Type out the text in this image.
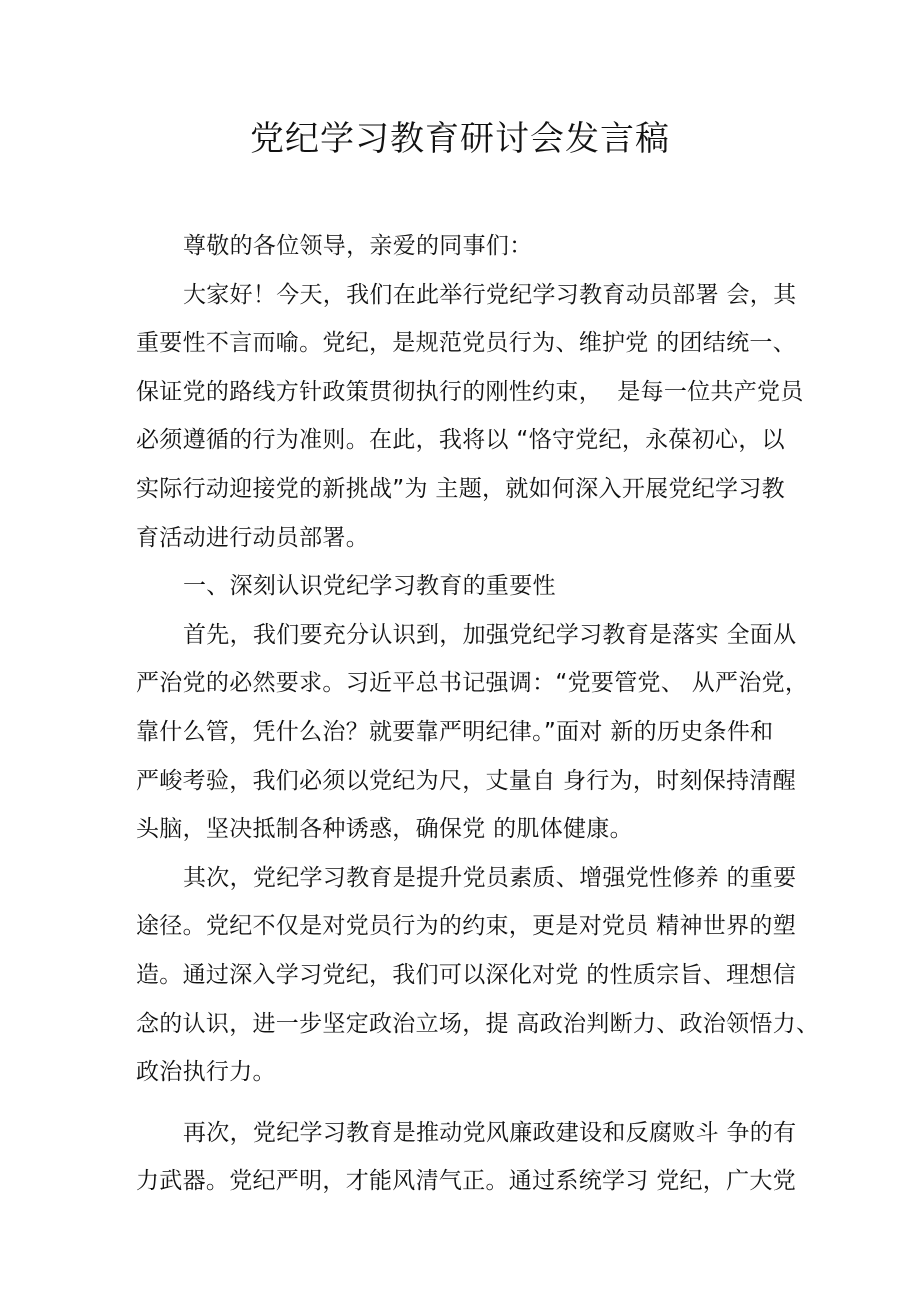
党纪学习教育研讨会发言稿
尊敬的各位领导，亲爱的同事们：
大家好！今天，我们在此举行党纪学习教育动员部署 会，其
重要性不言而喻。党纪，是规范党员行为、维护党 的团结统一、
保证党的路线方针政策贯彻执行的刚性约束，  是每一位共产党员
必须遵循的行为准则。在此，我将以 “恪守党纪，永葆初心，以
实际行动迎接党的新挑战”为 主题，就如何深入开展党纪学习教
育活动进行动员部署。
一、深刻认识党纪学习教育的重要性
首先，我们要充分认识到，加强党纪学习教育是落实 全面从
严治党的必然要求。习近平总书记强调：“党要管党、 从严治党，
靠什么管，凭什么治？就要靠严明纪律。”面对 新的历史条件和
严峻考验，我们必须以党纪为尺，丈量自 身行为，时刻保持清醒
头脑，坚决抵制各种诱惑，确保党 的肌体健康。
其次，党纪学习教育是提升党员素质、增强党性修养 的重要
途径。党纪不仅是对党员行为的约束，更是对党员 精神世界的塑
造。通过深入学习党纪，我们可以深化对党 的性质宗旨、理想信
念的认识，进一步坚定政治立场，提 高政治判断力、政治领悟力、
政治执行力。
再次，党纪学习教育是推动党风廉政建设和反腐败斗 争的有
力武器。党纪严明，才能风清气正。通过系统学习 党纪，广大党
